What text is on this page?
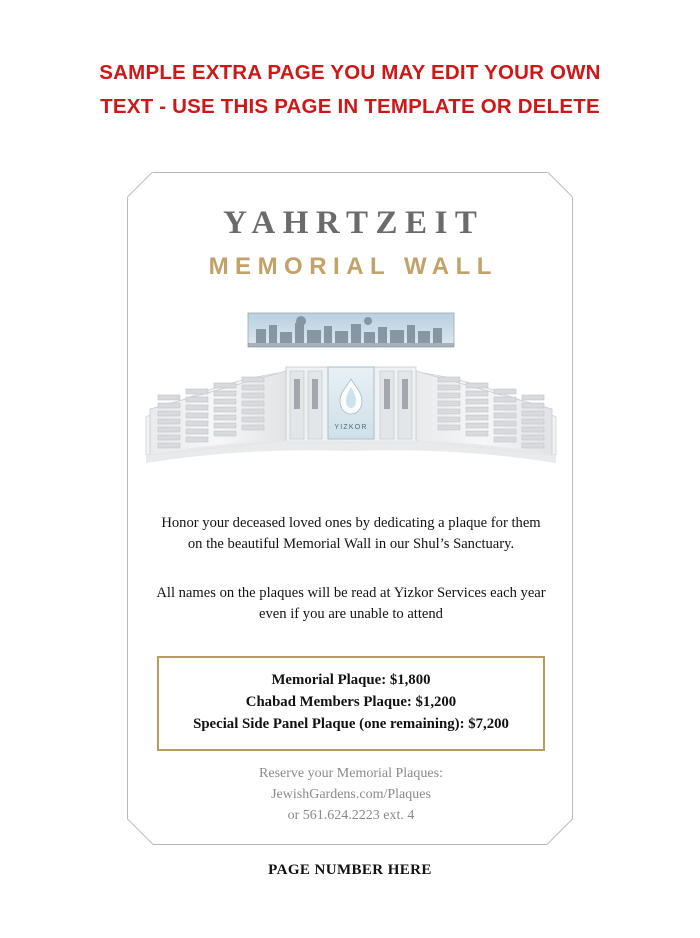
SAMPLE EXTRA PAGE YOU MAY EDIT YOUR OWN
TEXT - USE THIS PAGE IN TEMPLATE OR DELETE
YAHRTZEIT
MEMORIAL WALL
YIZKOR
Honor your deceased loved ones by dedicating a plaque for them on the beautiful Memorial Wall in our Shul’s Sanctuary.
All names on the plaques will be read at Yizkor Services each year even if you are unable to attend
Memorial Plaque: $1,800
Chabad Members Plaque: $1,200
Special Side Panel Plaque (one remaining): $7,200
Reserve your Memorial Plaques:
JewishGardens.com/Plaques
or 561.624.2223 ext. 4
PAGE NUMBER HERE
